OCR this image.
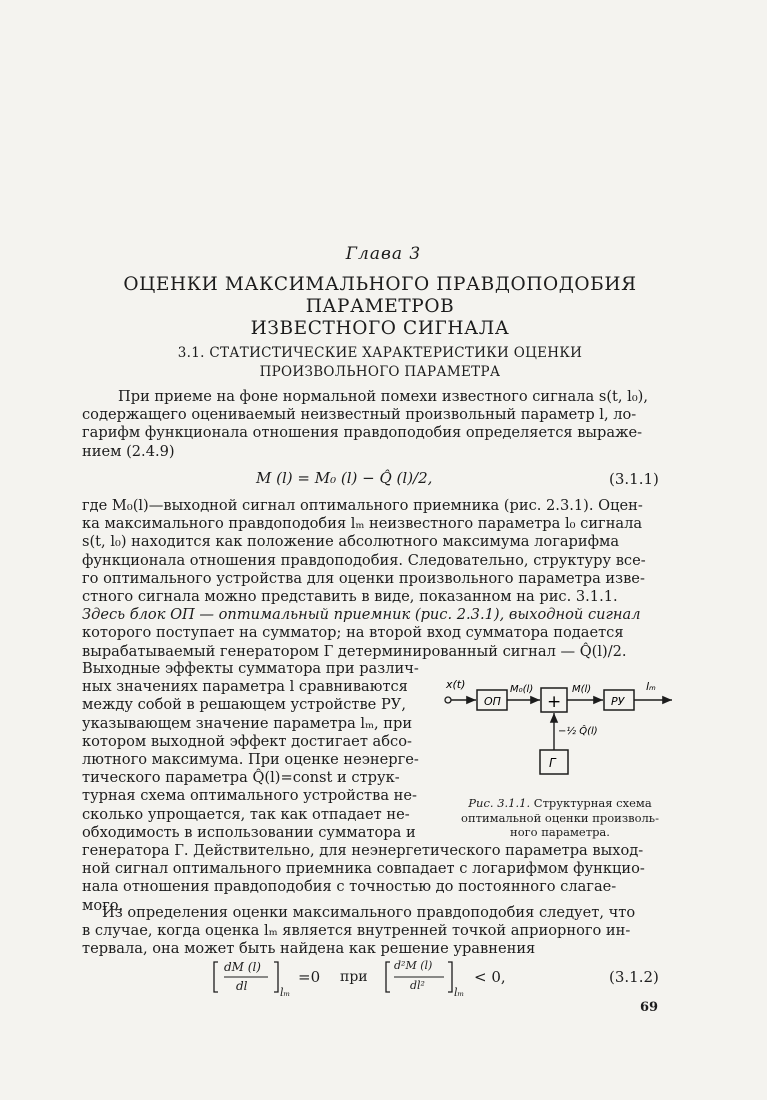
Глава 3
ОЦЕНКИ МАКСИМАЛЬНОГО ПРАВДОПОДОБИЯ ПАРАМЕТРОВ
ИЗВЕСТНОГО СИГНАЛА
3.1. СТАТИСТИЧЕСКИЕ ХАРАКТЕРИСТИКИ ОЦЕНКИ
ПРОИЗВОЛЬНОГО ПАРАМЕТРА
При приеме на фоне нормальной помехи известного сигнала s(t, l₀),
содержащего оцениваемый неизвестный произвольный параметр l, ло-
гарифм функционала отношения правдоподобия определяется выраже-
нием (2.4.9)
M (l) = M₀ (l) − Q̂ (l)/2,	(3.1.1)
где M₀(l)—выходной сигнал оптимального приемника (рис. 2.3.1). Оцен-
ка максимального правдоподобия lₘ неизвестного параметра l₀ сигнала
s(t, l₀) находится как положение абсолютного максимума логарифма
функционала отношения правдоподобия. Следовательно, структуру все-
го оптимального устройства для оценки произвольного параметра изве-
стного сигнала можно представить в виде, показанном на рис. 3.1.1.
Здесь блок ОП — оптимальный приемник (рис. 2.3.1), выходной сигнал
которого поступает на сумматор; на второй вход сумматора подается
вырабатываемый генератором Г детерминированный сигнал — Q̂(l)/2.
Выходные эффекты сумматора при различ-
ных значениях параметра l сравниваются
между собой в решающем устройстве РУ,
указывающем значение параметра lₘ, при
котором выходной эффект достигает абсо-
лютного максимума. При оценке неэнерге-
тического параметра Q̂(l)=const и струк-
турная схема оптимального устройства не-
сколько упрощается, так как отпадает не-
обходимость в использовании сумматора и
генератора Г. Действительно, для неэнергетического параметра выход-
ной сигнал оптимального приемника совпадает с логарифмом функцио-
нала отношения правдоподобия с точностью до постоянного слагае-
мого.
x(t)
ОП
M₀(l)
+
M(l)
РУ
lₘ
Г
−½ Q̂(l)
Рис. 3.1.1. Структурная схема
оптимальной оценки произволь-
ного параметра.
Из определения оценки максимального правдоподобия следует, что
в случае, когда оценка lₘ является внутренней точкой априорного ин-
тервала, она может быть найдена как решение уравнения
dM (l)
dl	lₘ
=0 при
d²M (l)
dl²
lₘ
< 0,	(3.1.2)
69
